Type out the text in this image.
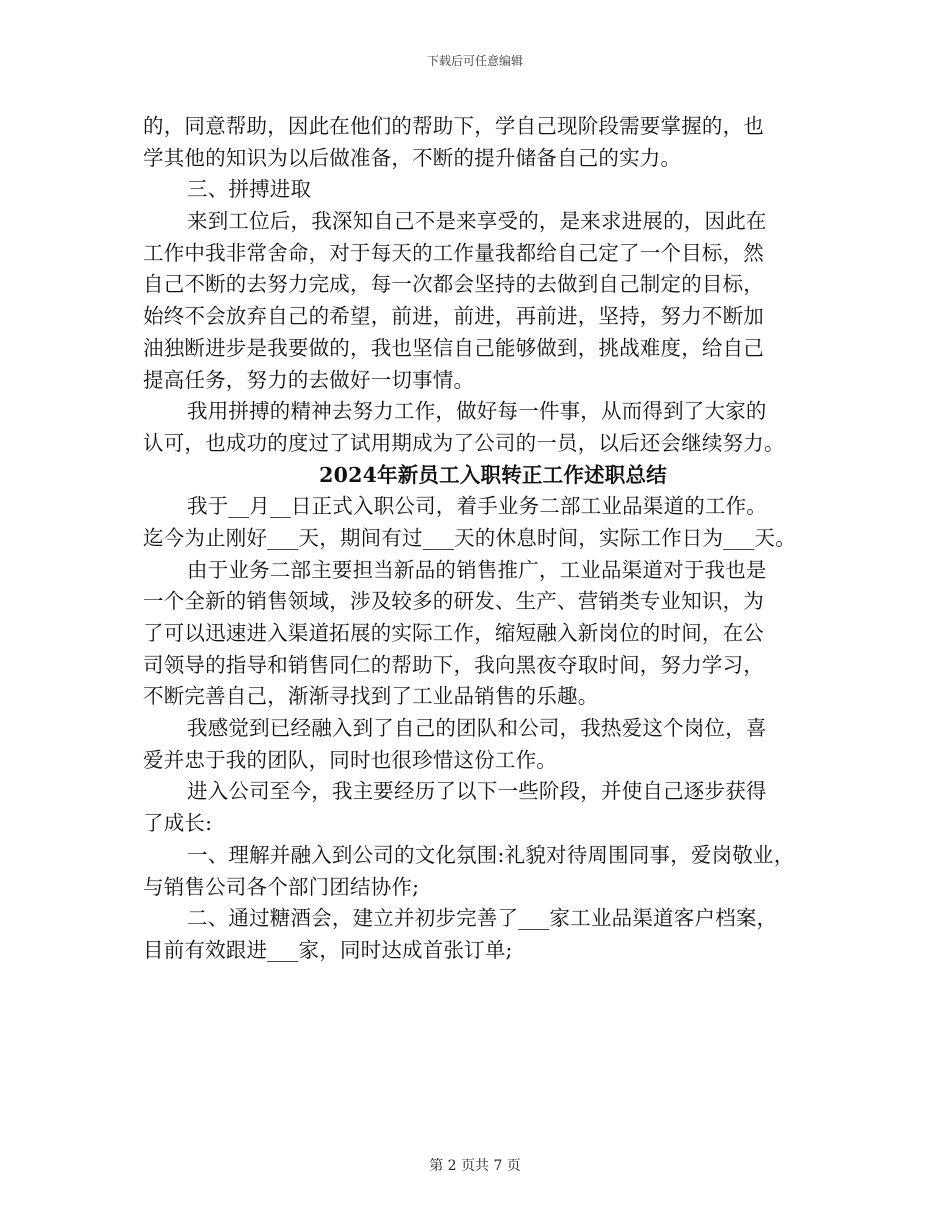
下载后可任意编辑
的，同意帮助，因此在他们的帮助下，学自己现阶段需要掌握的，也
学其他的知识为以后做准备，不断的提升储备自己的实力。
三、拼搏进取
来到工位后，我深知自己不是来享受的，是来求进展的，因此在
工作中我非常舍命，对于每天的工作量我都给自己定了一个目标，然
自己不断的去努力完成，每一次都会坚持的去做到自己制定的目标，
始终不会放弃自己的希望，前进，前进，再前进，坚持，努力不断加
油独断进步是我要做的，我也坚信自己能够做到，挑战难度，给自己
提高任务，努力的去做好一切事情。
我用拼搏的精神去努力工作，做好每一件事，从而得到了大家的
认可，也成功的度过了试用期成为了公司的一员，以后还会继续努力。
2024年新员工入职转正工作述职总结
我于__月__日正式入职公司，着手业务二部工业品渠道的工作。
迄今为止刚好___天，期间有过___天的休息时间，实际工作日为___天。
由于业务二部主要担当新品的销售推广，工业品渠道对于我也是
一个全新的销售领域，涉及较多的研发、生产、营销类专业知识，为
了可以迅速进入渠道拓展的实际工作，缩短融入新岗位的时间，在公
司领导的指导和销售同仁的帮助下，我向黑夜夺取时间，努力学习，
不断完善自己，渐渐寻找到了工业品销售的乐趣。
我感觉到已经融入到了自己的团队和公司，我热爱这个岗位，喜
爱并忠于我的团队，同时也很珍惜这份工作。
进入公司至今，我主要经历了以下一些阶段，并使自己逐步获得
了成长:
一、理解并融入到公司的文化氛围:礼貌对待周围同事，爱岗敬业，
与销售公司各个部门团结协作;
二、通过糖酒会，建立并初步完善了___家工业品渠道客户档案，
目前有效跟进___家，同时达成首张订单;
第 2 页共 7 页
